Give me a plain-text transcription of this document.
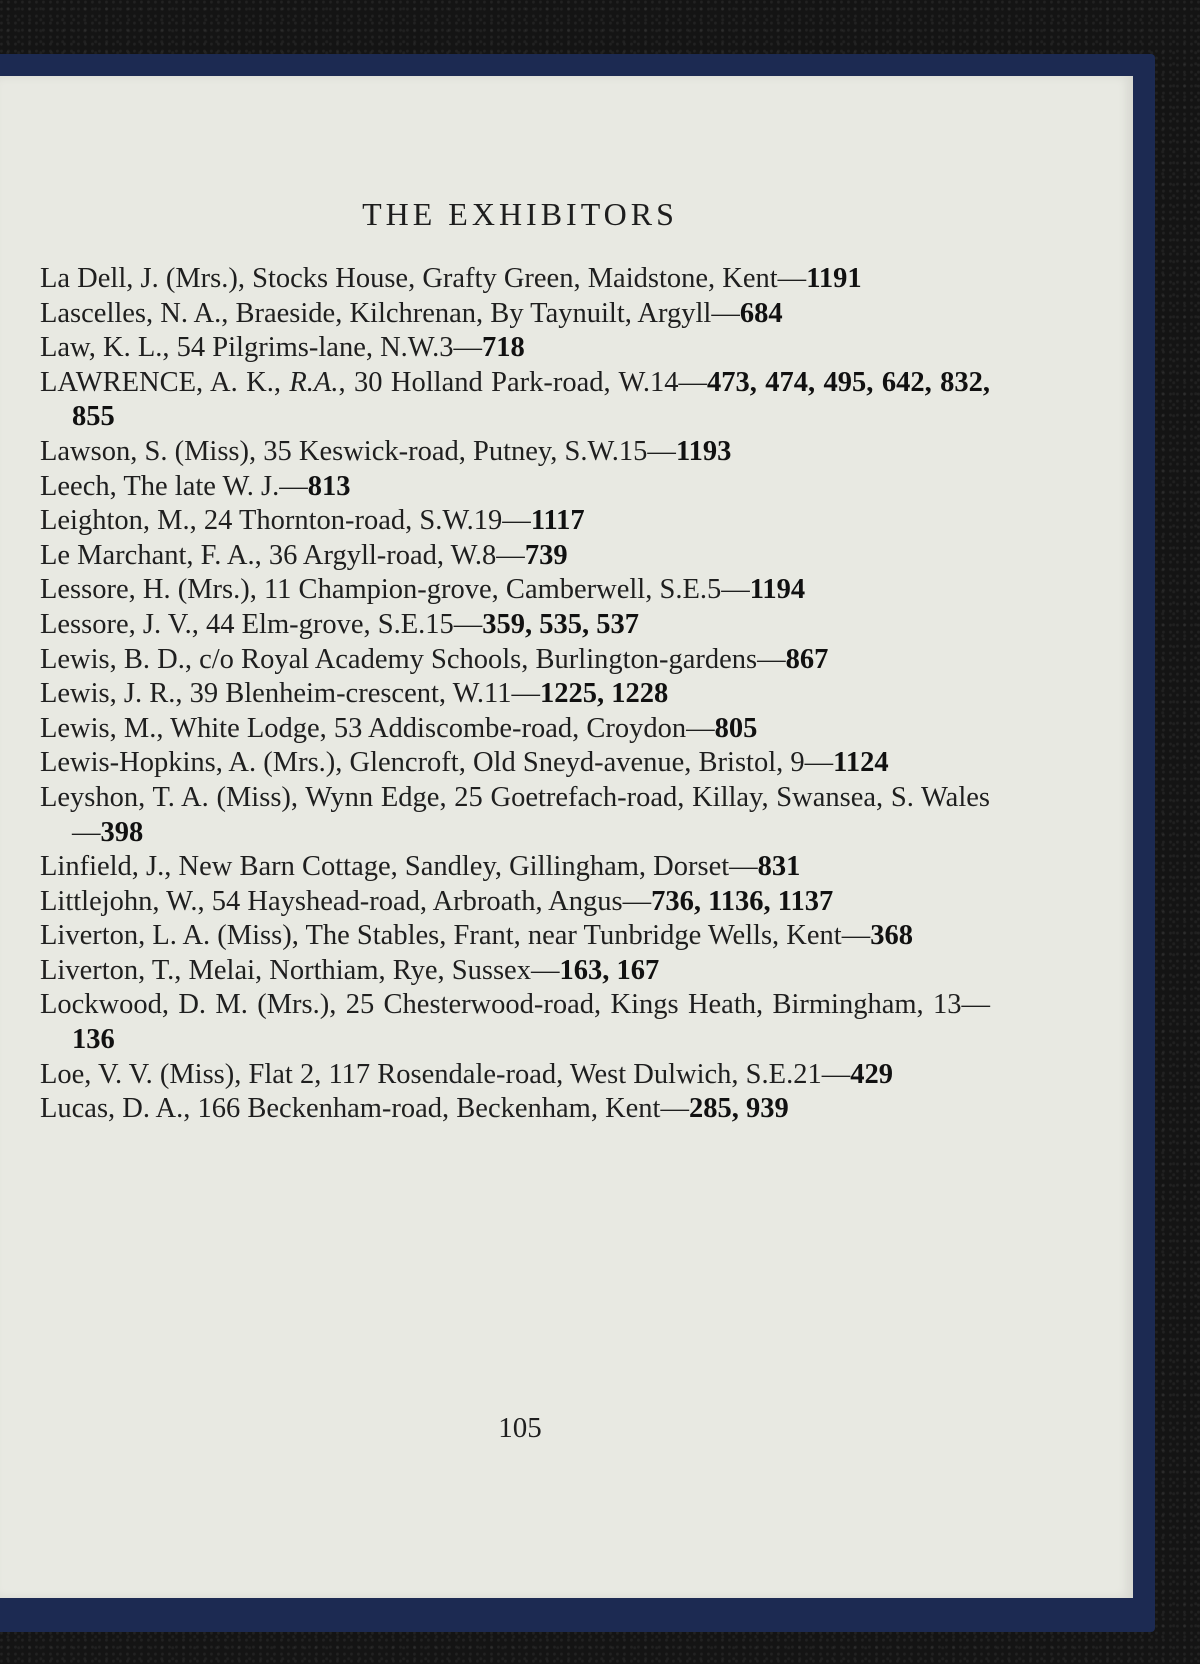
THE EXHIBITORS
La Dell, J. (Mrs.), Stocks House, Grafty Green, Maidstone, Kent—1191
Lascelles, N. A., Braeside, Kilchrenan, By Taynuilt, Argyll—684
Law, K. L., 54 Pilgrims-lane, N.W.3—718
LAWRENCE, A. K., R.A., 30 Holland Park-road, W.14—473, 474, 495, 642, 832, 855
Lawson, S. (Miss), 35 Keswick-road, Putney, S.W.15—1193
Leech, The late W. J.—813
Leighton, M., 24 Thornton-road, S.W.19—1117
Le Marchant, F. A., 36 Argyll-road, W.8—739
Lessore, H. (Mrs.), 11 Champion-grove, Camberwell, S.E.5—1194
Lessore, J. V., 44 Elm-grove, S.E.15—359, 535, 537
Lewis, B. D., c/o Royal Academy Schools, Burlington-gardens—867
Lewis, J. R., 39 Blenheim-crescent, W.11—1225, 1228
Lewis, M., White Lodge, 53 Addiscombe-road, Croydon—805
Lewis-Hopkins, A. (Mrs.), Glencroft, Old Sneyd-avenue, Bristol, 9—1124
Leyshon, T. A. (Miss), Wynn Edge, 25 Goetrefach-road, Killay, Swansea, S. Wales—398
Linfield, J., New Barn Cottage, Sandley, Gillingham, Dorset—831
Littlejohn, W., 54 Hayshead-road, Arbroath, Angus—736, 1136, 1137
Liverton, L. A. (Miss), The Stables, Frant, near Tunbridge Wells, Kent—368
Liverton, T., Melai, Northiam, Rye, Sussex—163, 167
Lockwood, D. M. (Mrs.), 25 Chesterwood-road, Kings Heath, Birmingham, 13—136
Loe, V. V. (Miss), Flat 2, 117 Rosendale-road, West Dulwich, S.E.21—429
Lucas, D. A., 166 Beckenham-road, Beckenham, Kent—285, 939
105
